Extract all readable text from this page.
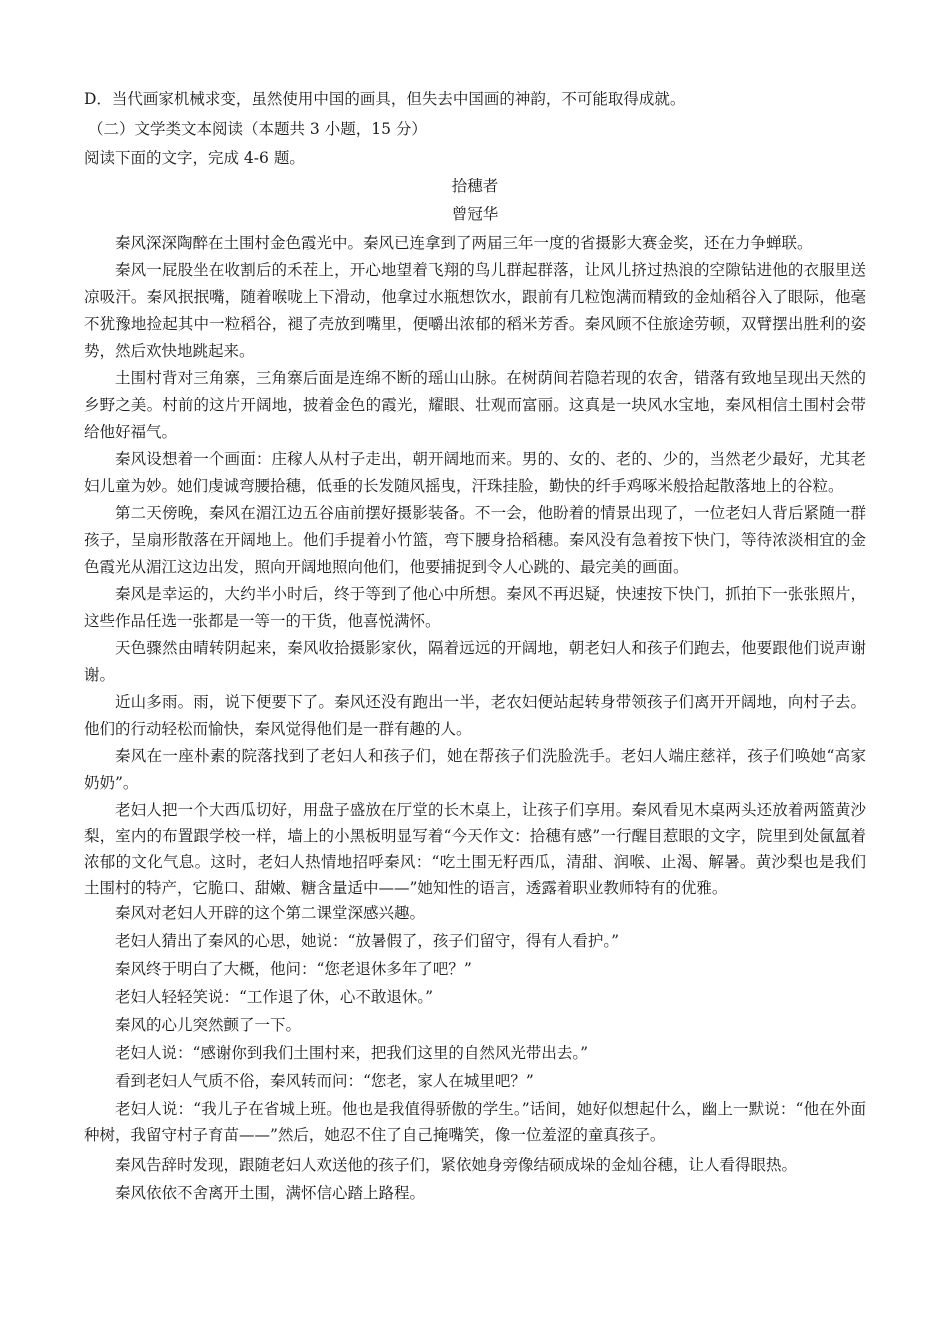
D．当代画家机械求变，虽然使用中国的画具，但失去中国画的神韵，不可能取得成就。
（二）文学类文本阅读（本题共 3 小题，15 分）
阅读下面的文字，完成 4-6 题。
拾穗者
曾冠华

秦风深深陶醉在土围村金色霞光中。秦风已连拿到了两届三年一度的省摄影大赛金奖，还在力争蝉联。

秦风一屁股坐在收割后的禾茬上，开心地望着飞翔的鸟儿群起群落，让风儿挤过热浪的空隙钻进他的衣服里送凉吸汗。秦风抿抿嘴，随着喉咙上下滑动，他拿过水瓶想饮水，跟前有几粒饱满而精致的金灿稻谷入了眼际，他毫不犹豫地捡起其中一粒稻谷，褪了壳放到嘴里，便嚼出浓郁的稻米芳香。秦风顾不住旅途劳顿，双臂摆出胜利的姿势，然后欢快地跳起来。

土围村背对三角寨，三角寨后面是连绵不断的瑶山山脉。在树荫间若隐若现的农舍，错落有致地呈现出天然的乡野之美。村前的这片开阔地，披着金色的霞光，耀眼、壮观而富丽。这真是一块风水宝地，秦风相信土围村会带给他好福气。

秦风设想着一个画面：庄稼人从村子走出，朝开阔地而来。男的、女的、老的、少的，当然老少最好，尤其老妇儿童为妙。她们虔诚弯腰拾穗，低垂的长发随风摇曳，汗珠挂脸，勤快的纤手鸡啄米般拾起散落地上的谷粒。

第二天傍晚，秦风在湄江边五谷庙前摆好摄影装备。不一会，他盼着的情景出现了，一位老妇人背后紧随一群孩子，呈扇形散落在开阔地上。他们手提着小竹篮，弯下腰身拾稻穗。秦风没有急着按下快门，等待浓淡相宜的金色霞光从湄江这边出发，照向开阔地照向他们，他要捕捉到令人心跳的、最完美的画面。

秦风是幸运的，大约半小时后，终于等到了他心中所想。秦风不再迟疑，快速按下快门，抓拍下一张张照片，这些作品任选一张都是一等一的干货，他喜悦满怀。

天色骤然由晴转阴起来，秦风收拾摄影家伙，隔着远远的开阔地，朝老妇人和孩子们跑去，他要跟他们说声谢谢。

近山多雨。雨，说下便要下了。秦风还没有跑出一半，老农妇便站起转身带领孩子们离开开阔地，向村子去。他们的行动轻松而愉快，秦风觉得他们是一群有趣的人。

秦风在一座朴素的院落找到了老妇人和孩子们，她在帮孩子们洗脸洗手。老妇人端庄慈祥，孩子们唤她“高家奶奶”。

老妇人把一个大西瓜切好，用盘子盛放在厅堂的长木桌上，让孩子们享用。秦风看见木桌两头还放着两篮黄沙梨，室内的布置跟学校一样，墙上的小黑板明显写着“今天作文：拾穗有感”一行醒目惹眼的文字，院里到处氤氲着浓郁的文化气息。这时，老妇人热情地招呼秦风：“吃土围无籽西瓜，清甜、润喉、止渴、解暑。黄沙梨也是我们土围村的特产，它脆口、甜嫩、糖含量适中——”她知性的语言，透露着职业教师特有的优雅。

秦风对老妇人开辟的这个第二课堂深感兴趣。

老妇人猜出了秦风的心思，她说：“放暑假了，孩子们留守，得有人看护。”

秦风终于明白了大概，他问：“您老退休多年了吧？”

老妇人轻轻笑说：“工作退了休，心不敢退休。”

秦风的心儿突然颤了一下。

老妇人说：“感谢你到我们土围村来，把我们这里的自然风光带出去。”

看到老妇人气质不俗，秦风转而问：“您老，家人在城里吧？”

老妇人说：“我儿子在省城上班。他也是我值得骄傲的学生。”话间，她好似想起什么，幽上一默说：“他在外面种树，我留守村子育苗——”然后，她忍不住了自己掩嘴笑，像一位羞涩的童真孩子。

秦风告辞时发现，跟随老妇人欢送他的孩子们，紧依她身旁像结硕成垛的金灿谷穗，让人看得眼热。

秦风依依不舍离开土围，满怀信心踏上路程。
